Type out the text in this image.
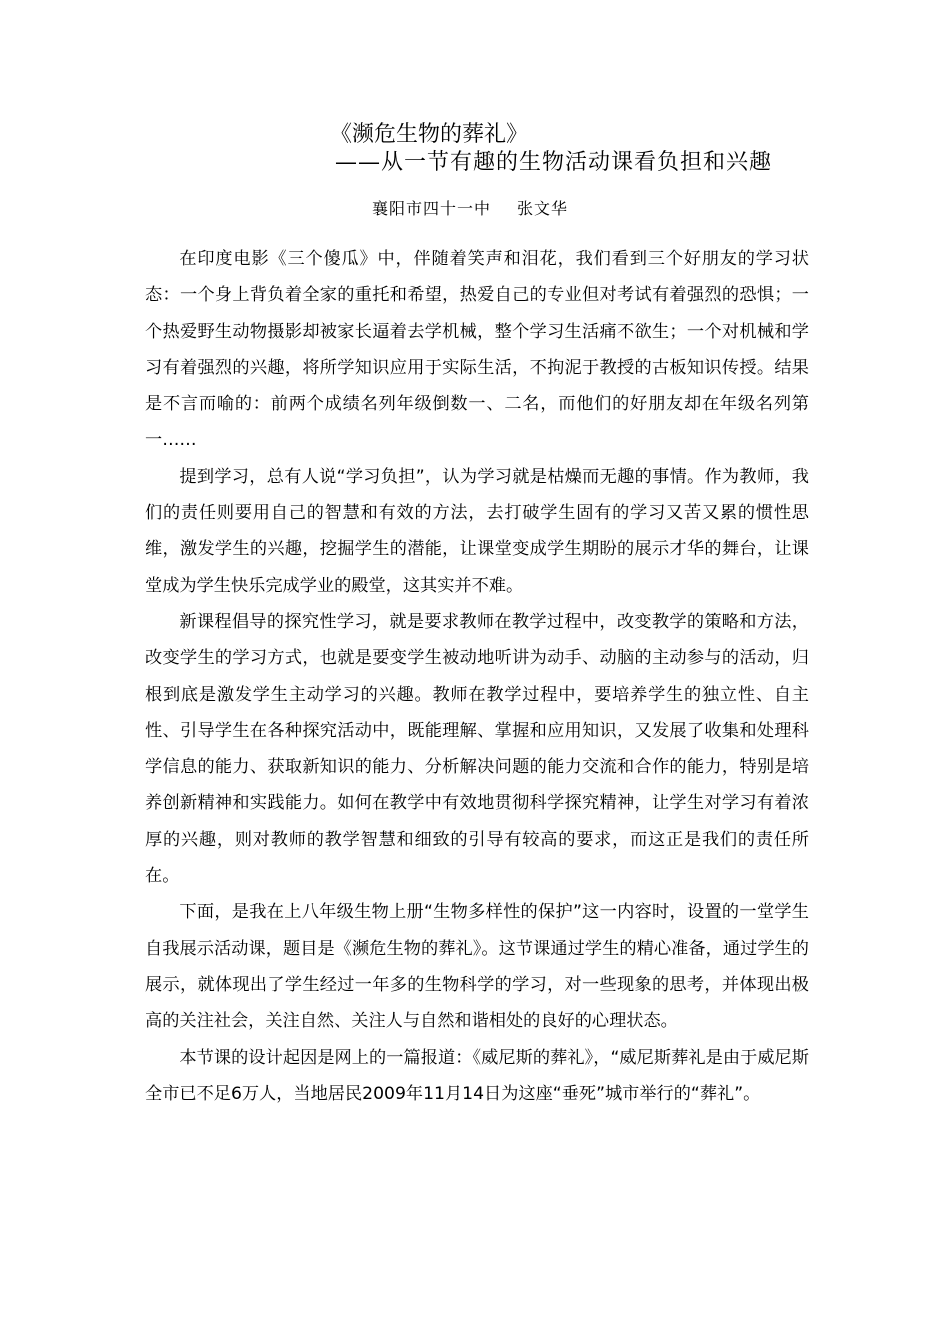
《濒危生物的葬礼》
——从一节有趣的生物活动课看负担和兴趣
襄阳市四十一中 张文华

在印度电影《三个傻瓜》中，伴随着笑声和泪花，我们看到三个好朋友的学习状态：一个身上背负着全家的重托和希望，热爱自己的专业但对考试有着强烈的恐惧；一个热爱野生动物摄影却被家长逼着去学机械，整个学习生活痛不欲生；一个对机械和学习有着强烈的兴趣，将所学知识应用于实际生活，不拘泥于教授的古板知识传授。结果是不言而喻的：前两个成绩名列年级倒数一、二名，而他们的好朋友却在年级名列第一……

提到学习，总有人说“学习负担”，认为学习就是枯燥而无趣的事情。作为教师，我们的责任则要用自己的智慧和有效的方法，去打破学生固有的学习又苦又累的惯性思维，激发学生的兴趣，挖掘学生的潜能，让课堂变成学生期盼的展示才华的舞台，让课堂成为学生快乐完成学业的殿堂，这其实并不难。

新课程倡导的探究性学习，就是要求教师在教学过程中，改变教学的策略和方法，改变学生的学习方式，也就是要变学生被动地听讲为动手、动脑的主动参与的活动，归根到底是激发学生主动学习的兴趣。教师在教学过程中，要培养学生的独立性、自主性、引导学生在各种探究活动中，既能理解、掌握和应用知识，又发展了收集和处理科学信息的能力、获取新知识的能力、分析解决问题的能力交流和合作的能力，特别是培养创新精神和实践能力。如何在教学中有效地贯彻科学探究精神，让学生对学习有着浓厚的兴趣，则对教师的教学智慧和细致的引导有较高的要求，而这正是我们的责任所在。

下面，是我在上八年级生物上册“生物多样性的保护”这一内容时，设置的一堂学生自我展示活动课，题目是《濒危生物的葬礼》。这节课通过学生的精心准备，通过学生的展示，就体现出了学生经过一年多的生物科学的学习，对一些现象的思考，并体现出极高的关注社会，关注自然、关注人与自然和谐相处的良好的心理状态。

本节课的设计起因是网上的一篇报道：《威尼斯的葬礼》，“威尼斯葬礼是由于威尼斯全市已不足6万人，当地居民2009年11月14日为这座“垂死”城市举行的“葬礼”。
